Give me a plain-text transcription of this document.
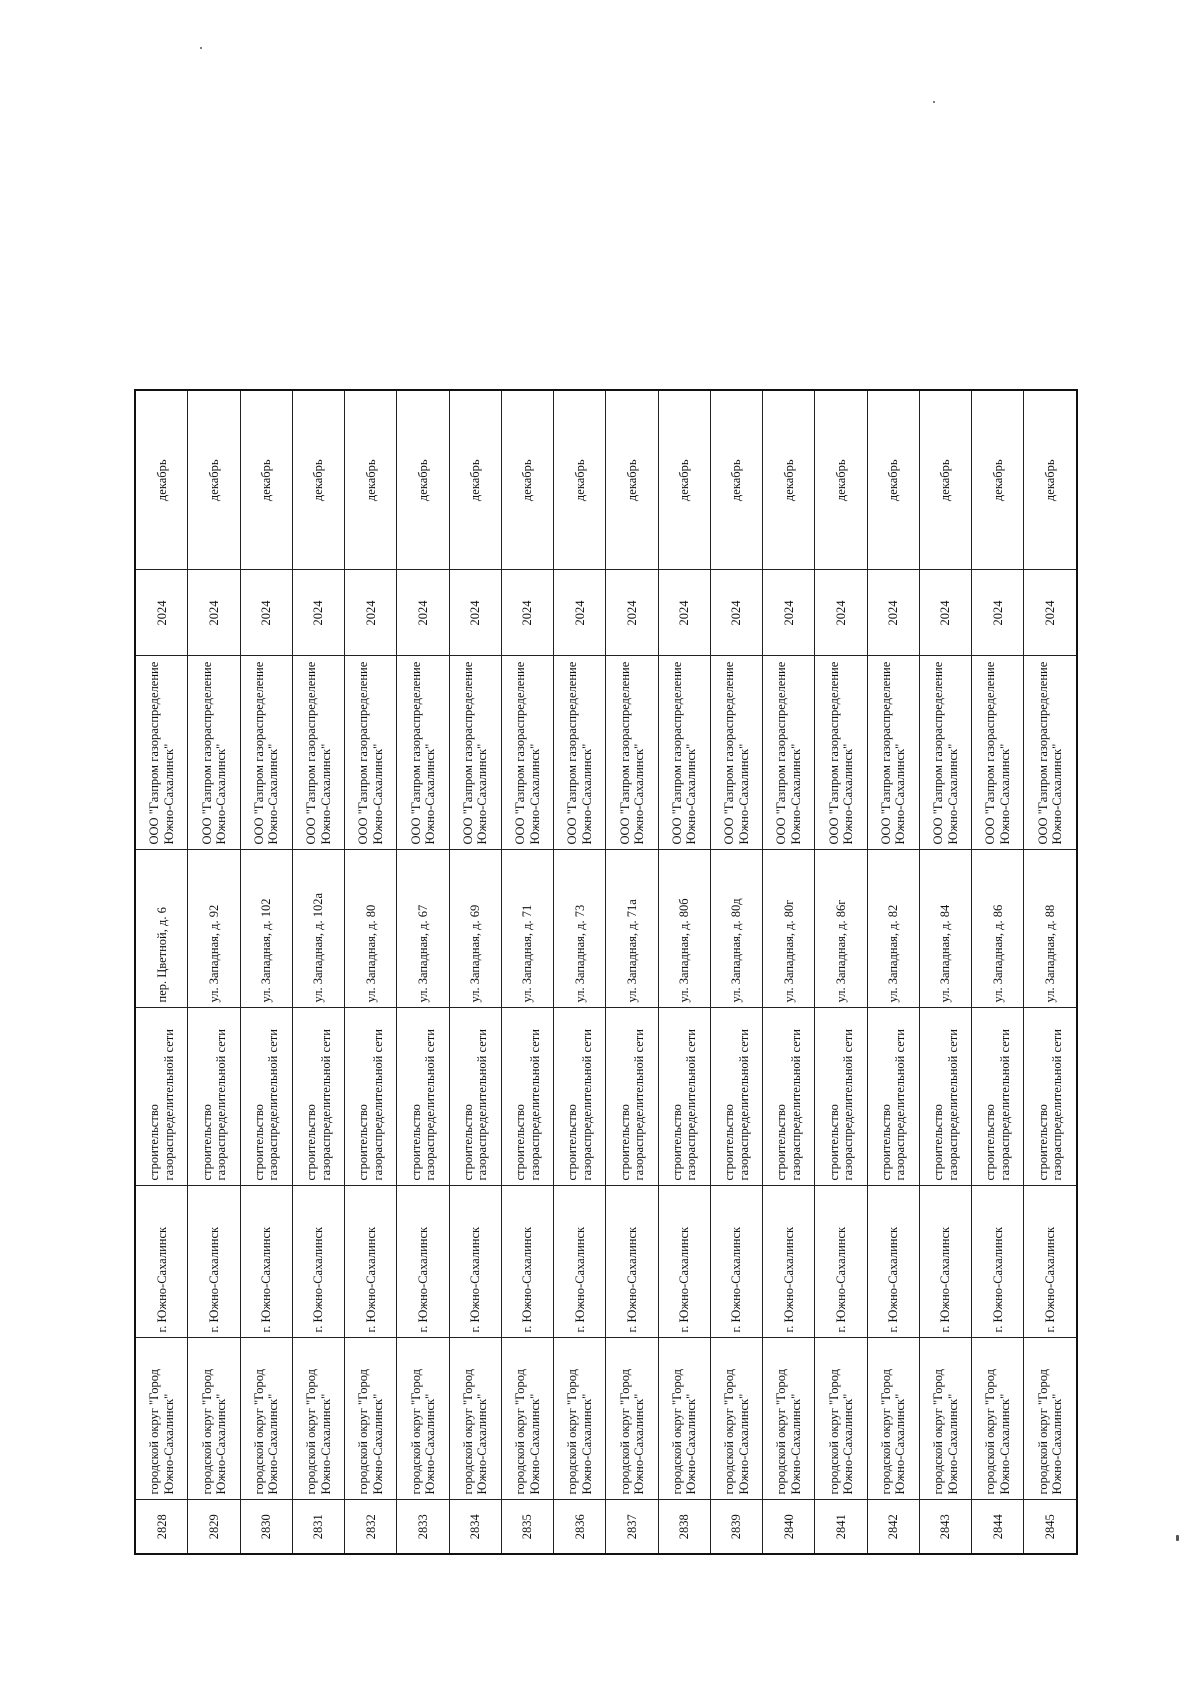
2828	городской округ "Город Южно-Сахалинск"	г. Южно-Сахалинск	строительство газораспределительной сети	пер. Цветной, д. 6	ООО "Газпром газораспределение Южно-Сахалинск"	2024	декабрь
2829	городской округ "Город Южно-Сахалинск"	г. Южно-Сахалинск	строительство газораспределительной сети	ул. Западная, д. 92	ООО "Газпром газораспределение Южно-Сахалинск"	2024	декабрь
2830	городской округ "Город Южно-Сахалинск"	г. Южно-Сахалинск	строительство газораспределительной сети	ул. Западная, д. 102	ООО "Газпром газораспределение Южно-Сахалинск"	2024	декабрь
2831	городской округ "Город Южно-Сахалинск"	г. Южно-Сахалинск	строительство газораспределительной сети	ул. Западная, д. 102а	ООО "Газпром газораспределение Южно-Сахалинск"	2024	декабрь
2832	городской округ "Город Южно-Сахалинск"	г. Южно-Сахалинск	строительство газораспределительной сети	ул. Западная, д. 80	ООО "Газпром газораспределение Южно-Сахалинск"	2024	декабрь
2833	городской округ "Город Южно-Сахалинск"	г. Южно-Сахалинск	строительство газораспределительной сети	ул. Западная, д. 67	ООО "Газпром газораспределение Южно-Сахалинск"	2024	декабрь
2834	городской округ "Город Южно-Сахалинск"	г. Южно-Сахалинск	строительство газораспределительной сети	ул. Западная, д. 69	ООО "Газпром газораспределение Южно-Сахалинск"	2024	декабрь
2835	городской округ "Город Южно-Сахалинск"	г. Южно-Сахалинск	строительство газораспределительной сети	ул. Западная, д. 71	ООО "Газпром газораспределение Южно-Сахалинск"	2024	декабрь
2836	городской округ "Город Южно-Сахалинск"	г. Южно-Сахалинск	строительство газораспределительной сети	ул. Западная, д. 73	ООО "Газпром газораспределение Южно-Сахалинск"	2024	декабрь
2837	городской округ "Город Южно-Сахалинск"	г. Южно-Сахалинск	строительство газораспределительной сети	ул. Западная, д. 71а	ООО "Газпром газораспределение Южно-Сахалинск"	2024	декабрь
2838	городской округ "Город Южно-Сахалинск"	г. Южно-Сахалинск	строительство газораспределительной сети	ул. Западная, д. 80б	ООО "Газпром газораспределение Южно-Сахалинск"	2024	декабрь
2839	городской округ "Город Южно-Сахалинск"	г. Южно-Сахалинск	строительство газораспределительной сети	ул. Западная, д. 80д	ООО "Газпром газораспределение Южно-Сахалинск"	2024	декабрь
2840	городской округ "Город Южно-Сахалинск"	г. Южно-Сахалинск	строительство газораспределительной сети	ул. Западная, д. 80г	ООО "Газпром газораспределение Южно-Сахалинск"	2024	декабрь
2841	городской округ "Город Южно-Сахалинск"	г. Южно-Сахалинск	строительство газораспределительной сети	ул. Западная, д. 86г	ООО "Газпром газораспределение Южно-Сахалинск"	2024	декабрь
2842	городской округ "Город Южно-Сахалинск"	г. Южно-Сахалинск	строительство газораспределительной сети	ул. Западная, д. 82	ООО "Газпром газораспределение Южно-Сахалинск"	2024	декабрь
2843	городской округ "Город Южно-Сахалинск"	г. Южно-Сахалинск	строительство газораспределительной сети	ул. Западная, д. 84	ООО "Газпром газораспределение Южно-Сахалинск"	2024	декабрь
2844	городской округ "Город Южно-Сахалинск"	г. Южно-Сахалинск	строительство газораспределительной сети	ул. Западная, д. 86	ООО "Газпром газораспределение Южно-Сахалинск"	2024	декабрь
2845	городской округ "Город Южно-Сахалинск"	г. Южно-Сахалинск	строительство газораспределительной сети	ул. Западная, д. 88	ООО "Газпром газораспределение Южно-Сахалинск"	2024	декабрь
